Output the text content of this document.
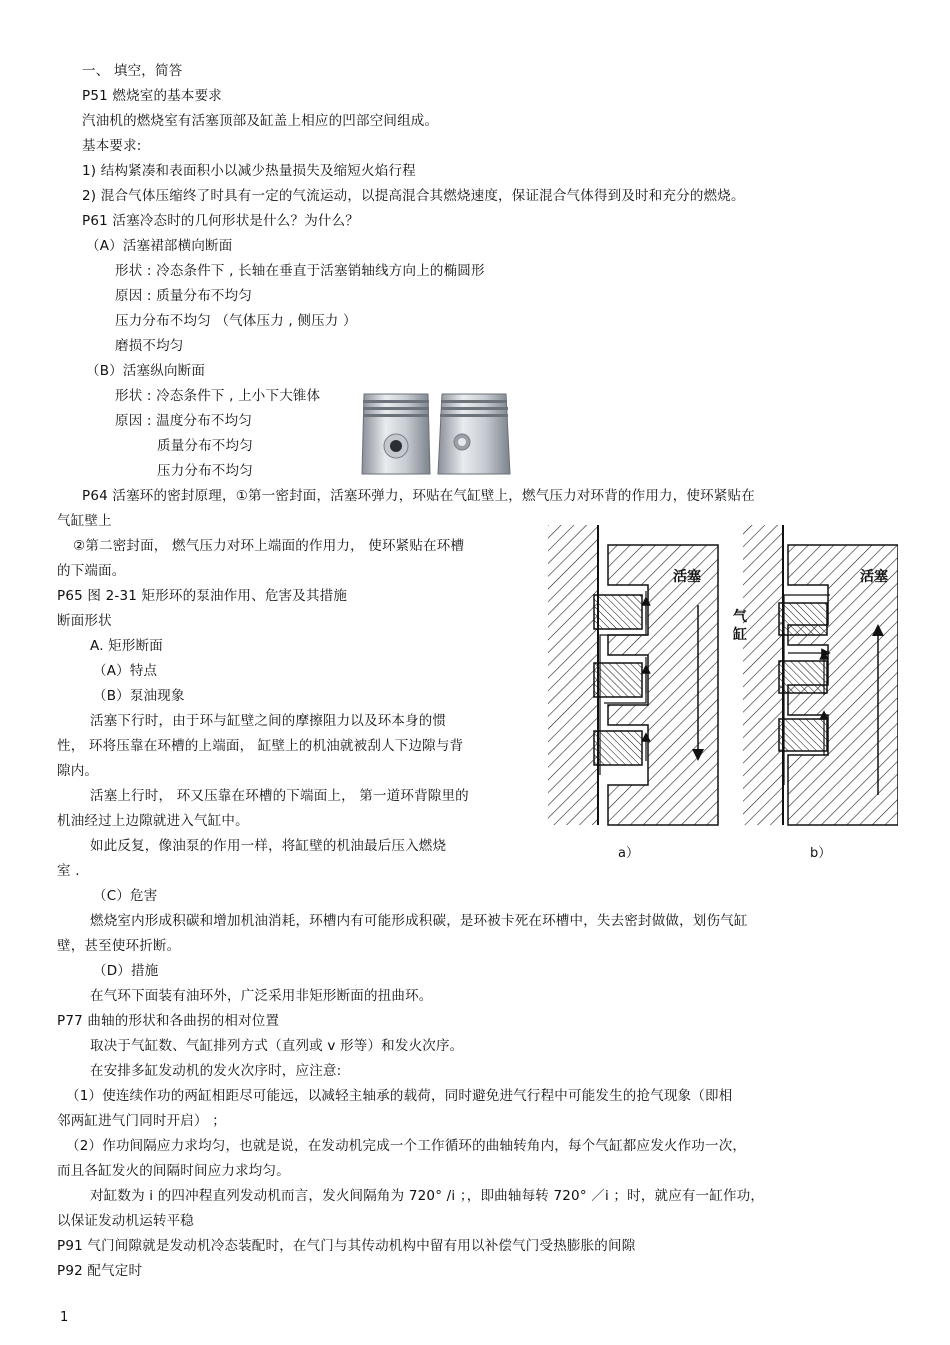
一、 填空，简答
P51 燃烧室的基本要求
汽油机的燃烧室有活塞顶部及缸盖上相应的凹部空间组成。
基本要求:
1) 结构紧凑和表面积小以减少热量损失及缩短火焰行程
2) 混合气体压缩终了时具有一定的气流运动，以提高混合其燃烧速度，保证混合气体得到及时和充分的燃烧。
P61 活塞冷态时的几何形状是什么？为什么？
（A）活塞裙部横向断面
形状 : 冷态条件下 , 长轴在垂直于活塞销轴线方向上的椭圆形
原因 : 质量分布不均匀
压力分布不均匀 （气体压力 , 侧压力 ）
磨损不均匀
（B）活塞纵向断面
形状 : 冷态条件下 , 上小下大锥体
原因 : 温度分布不均匀
质量分布不均匀
压力分布不均匀
P64 活塞环的密封原理，①第一密封面，活塞环弹力，环贴在气缸壁上，燃气压力对环背的作用力，使环紧贴在
气缸壁上
②第二密封面， 燃气压力对环上端面的作用力， 使环紧贴在环槽
的下端面。
P65 图 2-31 矩形环的泵油作用、危害及其措施
断面形状
A. 矩形断面
（A）特点
（B）泵油现象
活塞下行时，由于环与缸壁之间的摩擦阻力以及环本身的惯
性， 环将压靠在环槽的上端面， 缸壁上的机油就被刮人下边隙与背
隙内。
活塞上行时， 环又压靠在环槽的下端面上， 第一道环背隙里的
机油经过上边隙就进入气缸中。
如此反复，像油泵的作用一样，将缸壁的机油最后压入燃烧
室 .
（C）危害
燃烧室内形成积碳和增加机油消耗，环槽内有可能形成积碳，是环被卡死在环槽中，失去密封做做，划伤气缸
壁，甚至使环折断。
（D）措施
在气环下面装有油环外，广泛采用非矩形断面的扭曲环。
P77 曲轴的形状和各曲拐的相对位置
取决于气缸数、气缸排列方式（直列或 v 形等）和发火次序。
在安排多缸发动机的发火次序时，应注意:
（1）使连续作功的两缸相距尽可能远，以减轻主轴承的载荷，同时避免进气行程中可能发生的抢气现象（即相
邻两缸进气门同时开启） ；
（2）作功间隔应力求均匀，也就是说，在发动机完成一个工作循环的曲轴转角内，每个气缸都应发火作功一次，
而且各缸发火的间隔时间应力求均匀。
对缸数为 i 的四冲程直列发动机而言，发火间隔角为 720° /i ；，即曲轴每转 720° ／i ；时，就应有一缸作功，
以保证发动机运转平稳
P91 气门间隙就是发动机冷态装配时，在气门与其传动机构中留有用以补偿气门受热膨胀的间隙
P92 配气定时
活塞
a）
活塞
气
缸
b）
1
